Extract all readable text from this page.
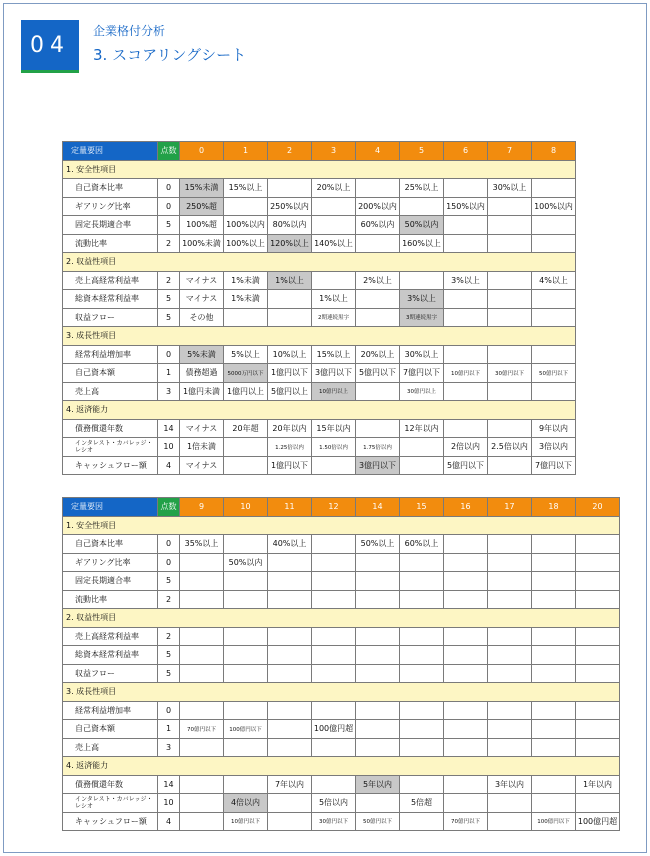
04
企業格付分析
3. スコアリングシート
定量要因	点数	0	1	2	3	4	5	6	7	8
1. 安全性項目										
自己資本比率	0	15%未満	15%以上		20%以上		25%以上		30%以上	
ギアリング比率	0	250%超		250%以内		200%以内		150%以内		100%以内
固定長期適合率	5	100%超	100%以内	80%以内		60%以内	50%以内			
流動比率	2	100%未満	100%以上	120%以上	140%以上		160%以上			
2. 収益性項目										
売上高経常利益率	2	マイナス	1%未満	1%以上		2%以上		3%以上		4%以上
総資本経常利益率	5	マイナス	1%未満		1%以上		3%以上			
収益フロー	5	その他			2期連続黒字		3期連続黒字			
3. 成長性項目										
経常利益増加率	0	5%未満	5%以上	10%以上	15%以上	20%以上	30%以上			
自己資本額	1	債務超過	5000万円以下	1億円以下	3億円以下	5億円以下	7億円以下	10億円以下	30億円以下	50億円以下
売上高	3	1億円未満	1億円以上	5億円以上	10億円以上		30億円以上			
4. 返済能力										
債務償還年数	14	マイナス	20年超	20年以内	15年以内		12年以内			9年以内
インタレスト・カバレッジ・レシオ	10	1倍未満		1.25倍以内	1.50倍以内	1.75倍以内		2倍以内	2.5倍以内	3倍以内
キャッシュフロー額	4	マイナス		1億円以下		3億円以下		5億円以下		7億円以下
定量要因	点数	9	10	11	12	14	15	16	17	18	20
1. 安全性項目											
自己資本比率	0	35%以上		40%以上		50%以上	60%以上				
ギアリング比率	0		50%以内								
固定長期適合率	5										
流動比率	2										
2. 収益性項目											
売上高経常利益率	2										
総資本経常利益率	5										
収益フロー	5										
3. 成長性項目											
経常利益増加率	0										
自己資本額	1	70億円以下	100億円以下		100億円超						
売上高	3										
4. 返済能力											
債務償還年数	14			7年以内		5年以内			3年以内		1年以内
インタレスト・カバレッジ・レシオ	10		4倍以内		5倍以内		5倍超				
キャッシュフロー額	4		10億円以下		30億円以下	50億円以下		70億円以下		100億円以下	100億円超
